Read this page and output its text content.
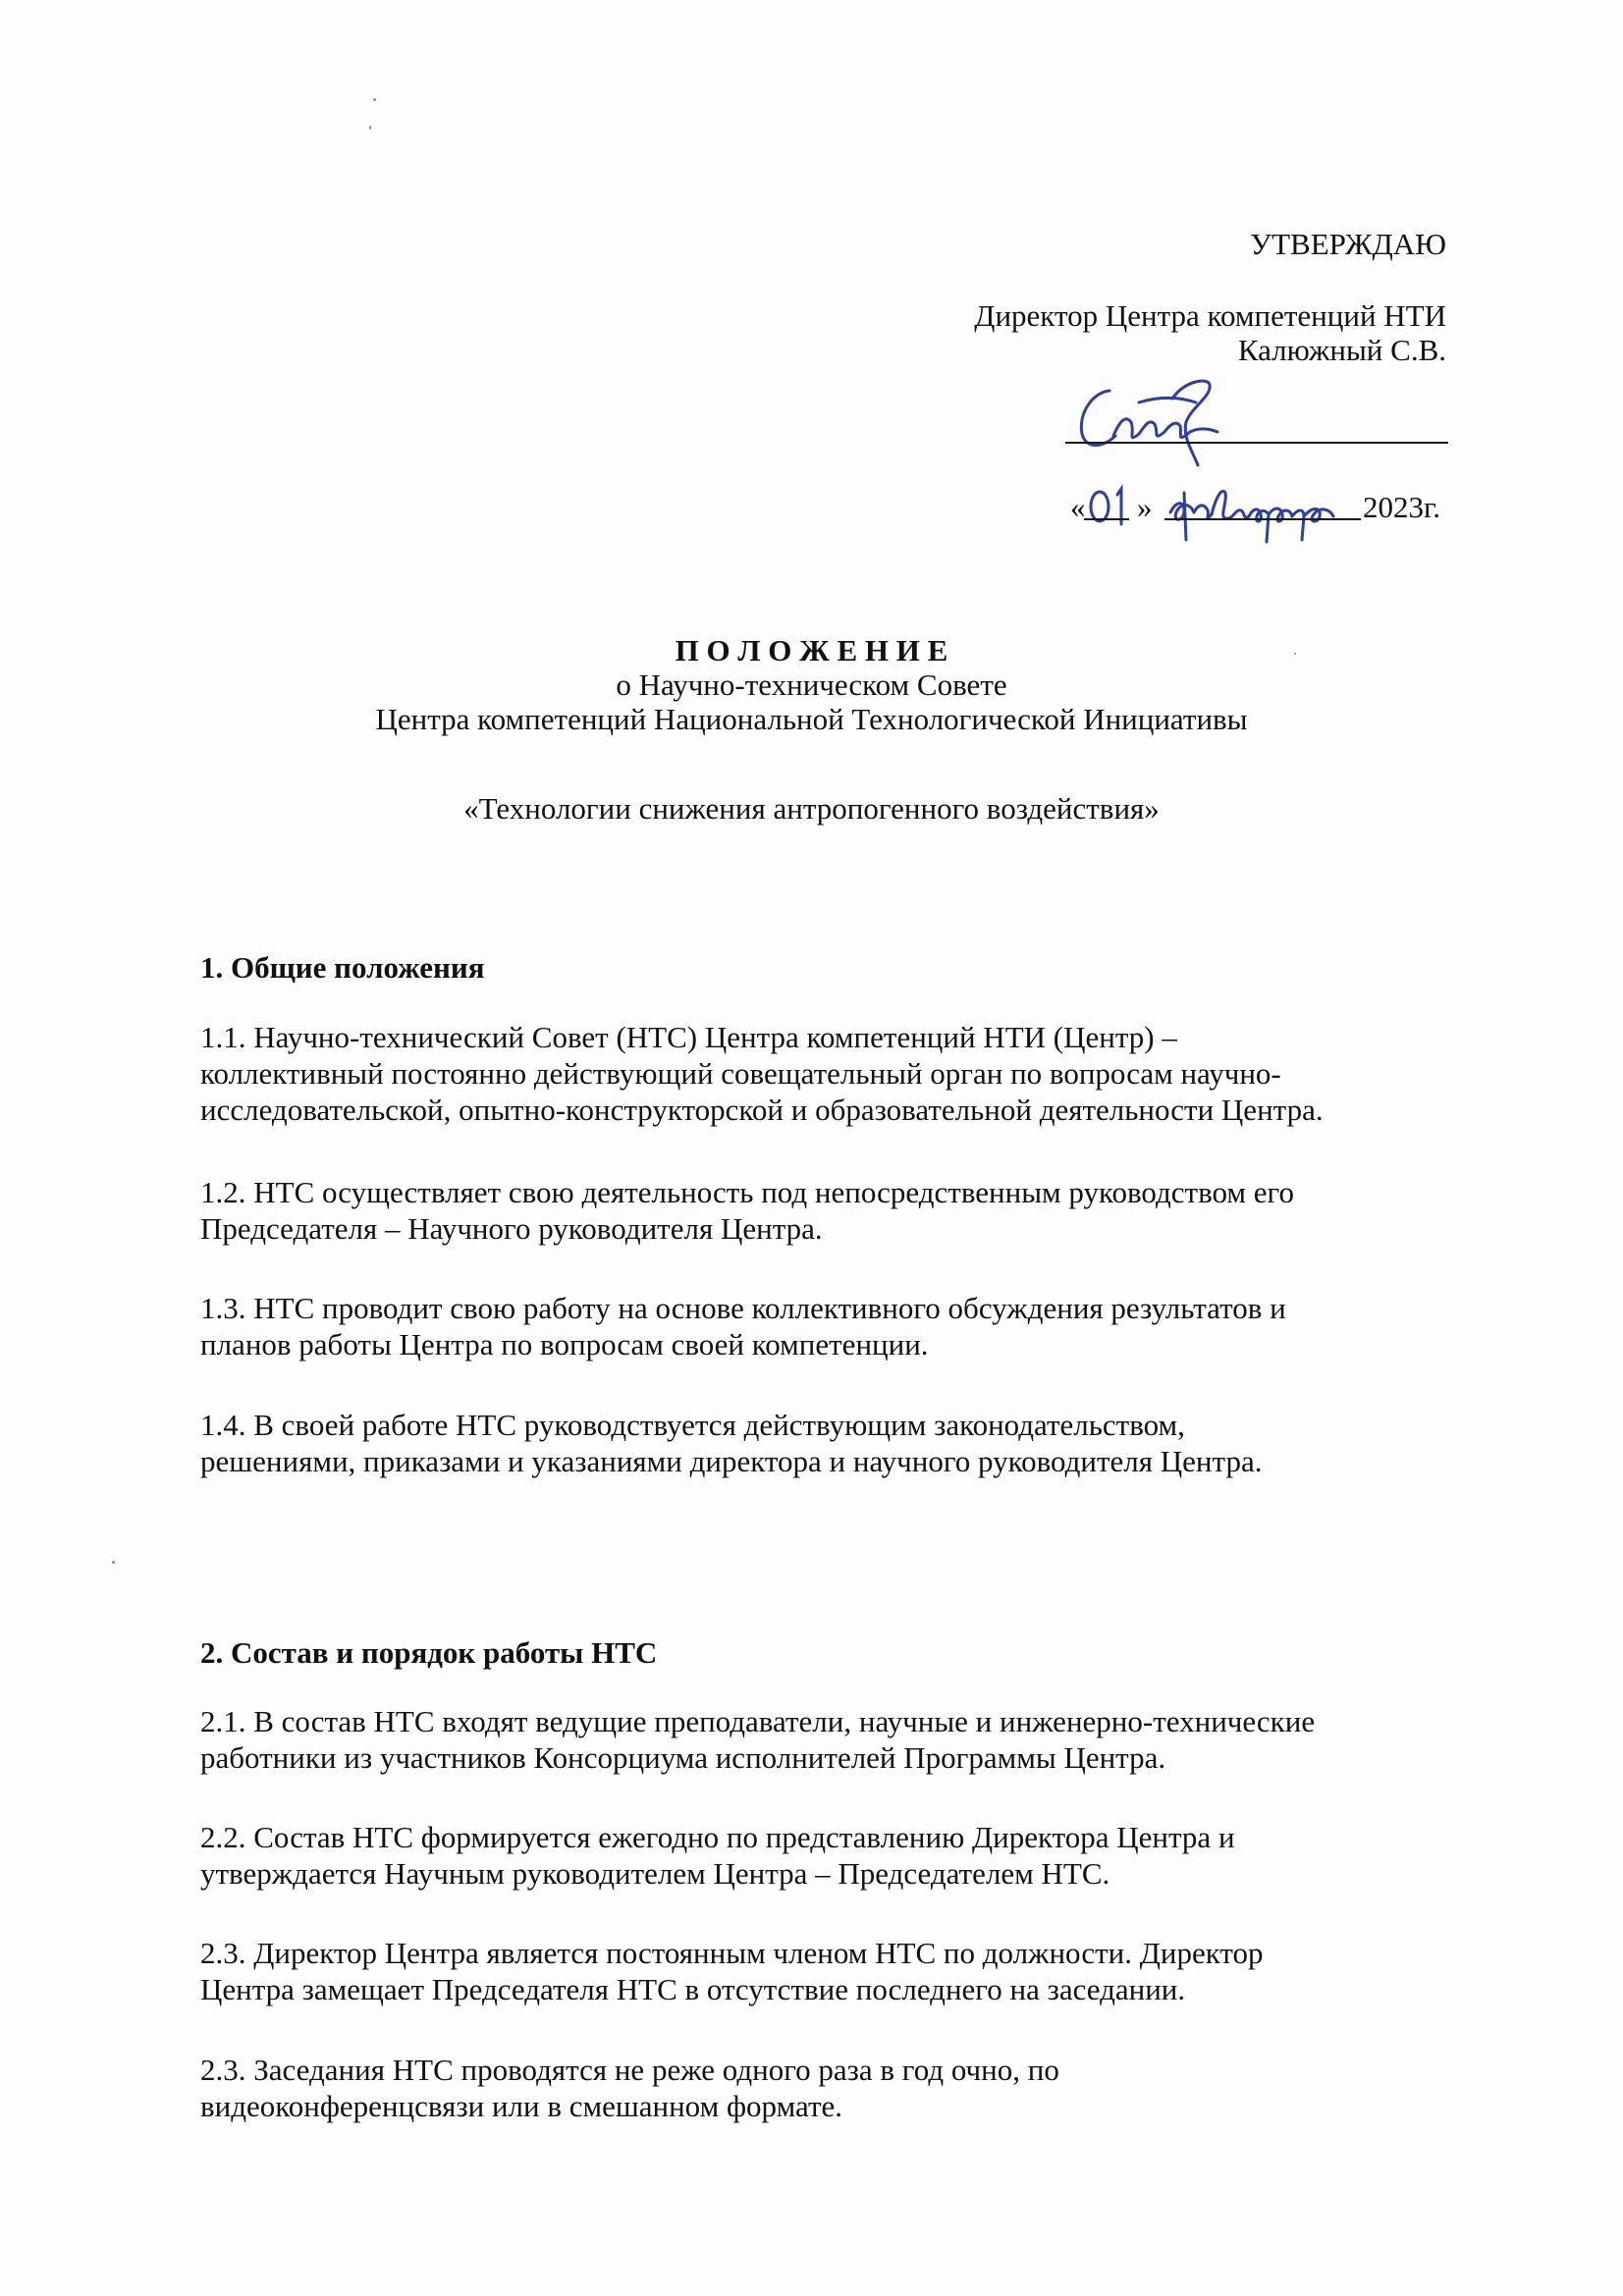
УТВЕРЖДАЮ
Директор Центра компетенций НТИ
Калюжный С.В.
« »	2023г.
П О Л О Ж Е Н И Е
о Научно-техническом Совете
Центра компетенций Национальной Технологической Инициативы
«Технологии снижения антропогенного воздействия»
1. Общие положения
1.1. Научно-технический Совет (НТС) Центра компетенций НТИ (Центр) –
коллективный постоянно действующий совещательный орган по вопросам научно-
исследовательской, опытно-конструкторской и образовательной деятельности Центра.
1.2. НТС осуществляет свою деятельность под непосредственным руководством его
Председателя – Научного руководителя Центра.
1.3. НТС проводит свою работу на основе коллективного обсуждения результатов и
планов работы Центра по вопросам своей компетенции.
1.4. В своей работе НТС руководствуется действующим законодательством,
решениями, приказами и указаниями директора и научного руководителя Центра.
2. Состав и порядок работы НТС
2.1. В состав НТС входят ведущие преподаватели, научные и инженерно-технические
работники из участников Консорциума исполнителей Программы Центра.
2.2. Состав НТС формируется ежегодно по представлению Директора Центра и
утверждается Научным руководителем Центра – Председателем НТС.
2.3. Директор Центра является постоянным членом НТС по должности. Директор
Центра замещает Председателя НТС в отсутствие последнего на заседании.
2.3. Заседания НТС проводятся не реже одного раза в год очно, по
видеоконференцсвязи или в смешанном формате.
